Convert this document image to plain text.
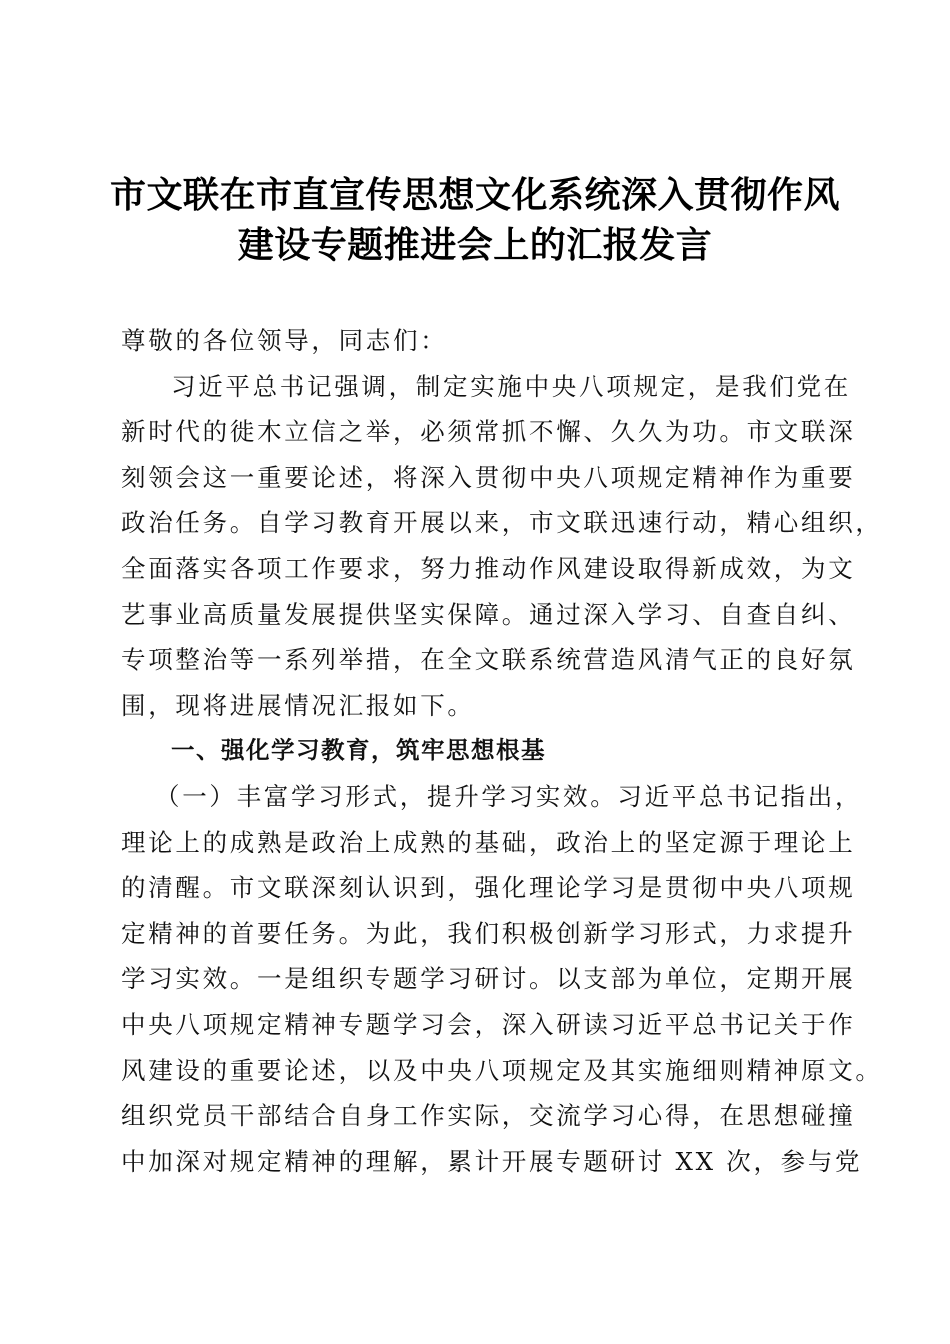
市文联在市直宣传思想文化系统深入贯彻作风
建设专题推进会上的汇报发言
尊敬的各位领导，同志们：
习近平总书记强调，制定实施中央八项规定，是我们党在
新时代的徙木立信之举，必须常抓不懈、久久为功。市文联深
刻领会这一重要论述，将深入贯彻中央八项规定精神作为重要
政治任务。自学习教育开展以来，市文联迅速行动，精心组织，
全面落实各项工作要求，努力推动作风建设取得新成效，为文
艺事业高质量发展提供坚实保障。通过深入学习、自查自纠、
专项整治等一系列举措，在全文联系统营造风清气正的良好氛
围，现将进展情况汇报如下。
一、强化学习教育，筑牢思想根基
（一）丰富学习形式，提升学习实效。习近平总书记指出，
理论上的成熟是政治上成熟的基础，政治上的坚定源于理论上
的清醒。市文联深刻认识到，强化理论学习是贯彻中央八项规
定精神的首要任务。为此，我们积极创新学习形式，力求提升
学习实效。一是组织专题学习研讨。以支部为单位，定期开展
中央八项规定精神专题学习会，深入研读习近平总书记关于作
风建设的重要论述，以及中央八项规定及其实施细则精神原文。
组织党员干部结合自身工作实际，交流学习心得，在思想碰撞
中加深对规定精神的理解，累计开展专题研讨 XX 次，参与党
